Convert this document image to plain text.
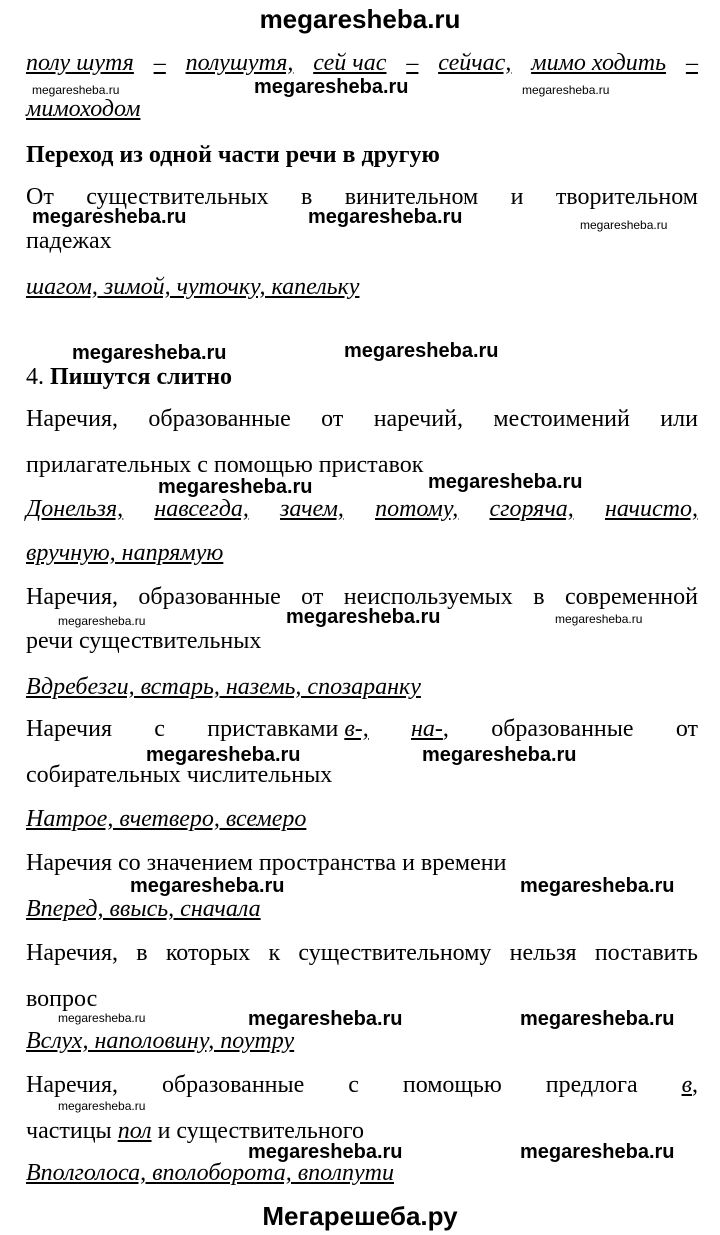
megaresheba.ru
Мегарешеба.ру
полу шутя – полушутя, сей час – сейчас, мимо ходить –
мимоходом
Переход из одной части речи в другую
От существительных в винительном и творительном
падежах
шагом, зимой, чуточку, капельку
4. Пишутся слитно
Наречия, образованные от наречий, местоимений или
прилагательных с помощью приставок
Донельзя, навсегда, зачем, потому, сгоряча, начисто,
вручную, напрямую
Наречия, образованные от неиспользуемых в современной
речи существительных
Вдребезги, встарь, наземь, спозаранку
Наречия с приставками в-, на-, образованные от
собирательных числительных
Натрое, вчетверо, всемеро
Наречия со значением пространства и времени
Вперед, ввысь, сначала
Наречия, в которых к существительному нельзя поставить
вопрос
Вслух, наполовину, поутру
Наречия, образованные с помощью предлога в,
частицы пол и существительного
Вполголоса, вполоборота, вполпути
megaresheba.ru
megaresheba.ru	megaresheba.ru
megaresheba.ru	megaresheba.ru
megaresheba.ru	megaresheba.ru
megaresheba.ru
megaresheba.ru	megaresheba.ru
megaresheba.ru	megaresheba.ru
megaresheba.ru	megaresheba.ru
megaresheba.ru	megaresheba.ru
megaresheba.ru	megaresheba.ru
megaresheba.ru
megaresheba.ru	megaresheba.ru
megaresheba.ru
megaresheba.ru
